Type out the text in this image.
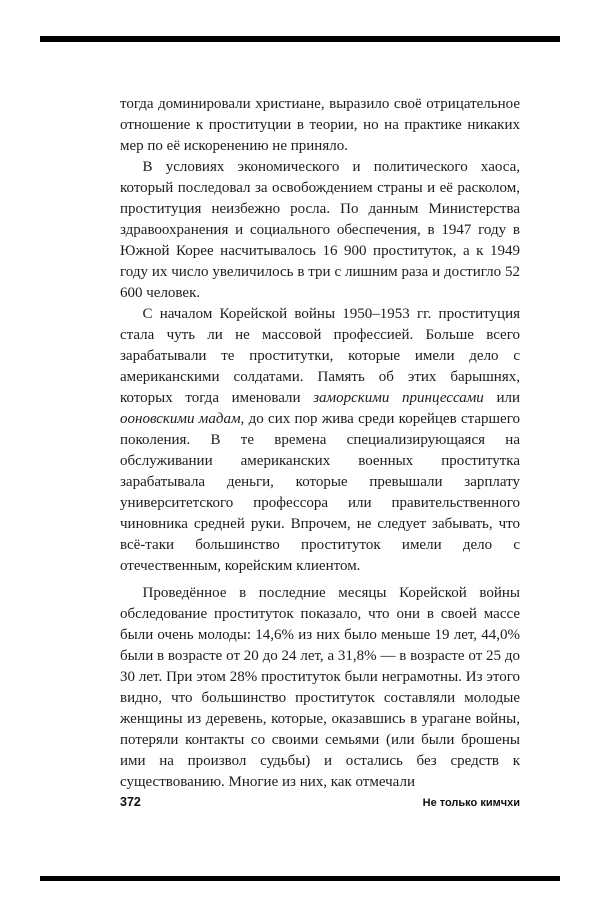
тогда доминировали христиане, выразило своё отрицательное отношение к проституции в теории, но на практике никаких мер по её искоренению не приняло.

В условиях экономического и политического хаоса, который последовал за освобождением страны и её расколом, проституция неизбежно росла. По данным Министерства здравоохранения и социального обеспечения, в 1947 году в Южной Корее насчитывалось 16 900 проституток, а к 1949 году их число увеличилось в три с лишним раза и достигло 52 600 человек.

С началом Корейской войны 1950–1953 гг. проституция стала чуть ли не массовой профессией. Больше всего зарабатывали те проститутки, которые имели дело с американскими солдатами. Память об этих барышнях, которых тогда именовали заморскими принцессами или ооновскими мадам, до сих пор жива среди корейцев старшего поколения. В те времена специализирующаяся на обслуживании американских военных проститутка зарабатывала деньги, которые превышали зарплату университетского профессора или правительственного чиновника средней руки. Впрочем, не следует забывать, что всё-таки большинство проституток имели дело с отечественным, корейским клиентом.

Проведённое в последние месяцы Корейской войны обследование проституток показало, что они в своей массе были очень молоды: 14,6% из них было меньше 19 лет, 44,0% были в возрасте от 20 до 24 лет, а 31,8% — в возрасте от 25 до 30 лет. При этом 28% проституток были неграмотны. Из этого видно, что большинство проституток составляли молодые женщины из деревень, которые, оказавшись в урагане войны, потеряли контакты со своими семьями (или были брошены ими на произвол судьбы) и остались без средств к существованию. Многие из них, как отмечали

372	Не только кимчхи
